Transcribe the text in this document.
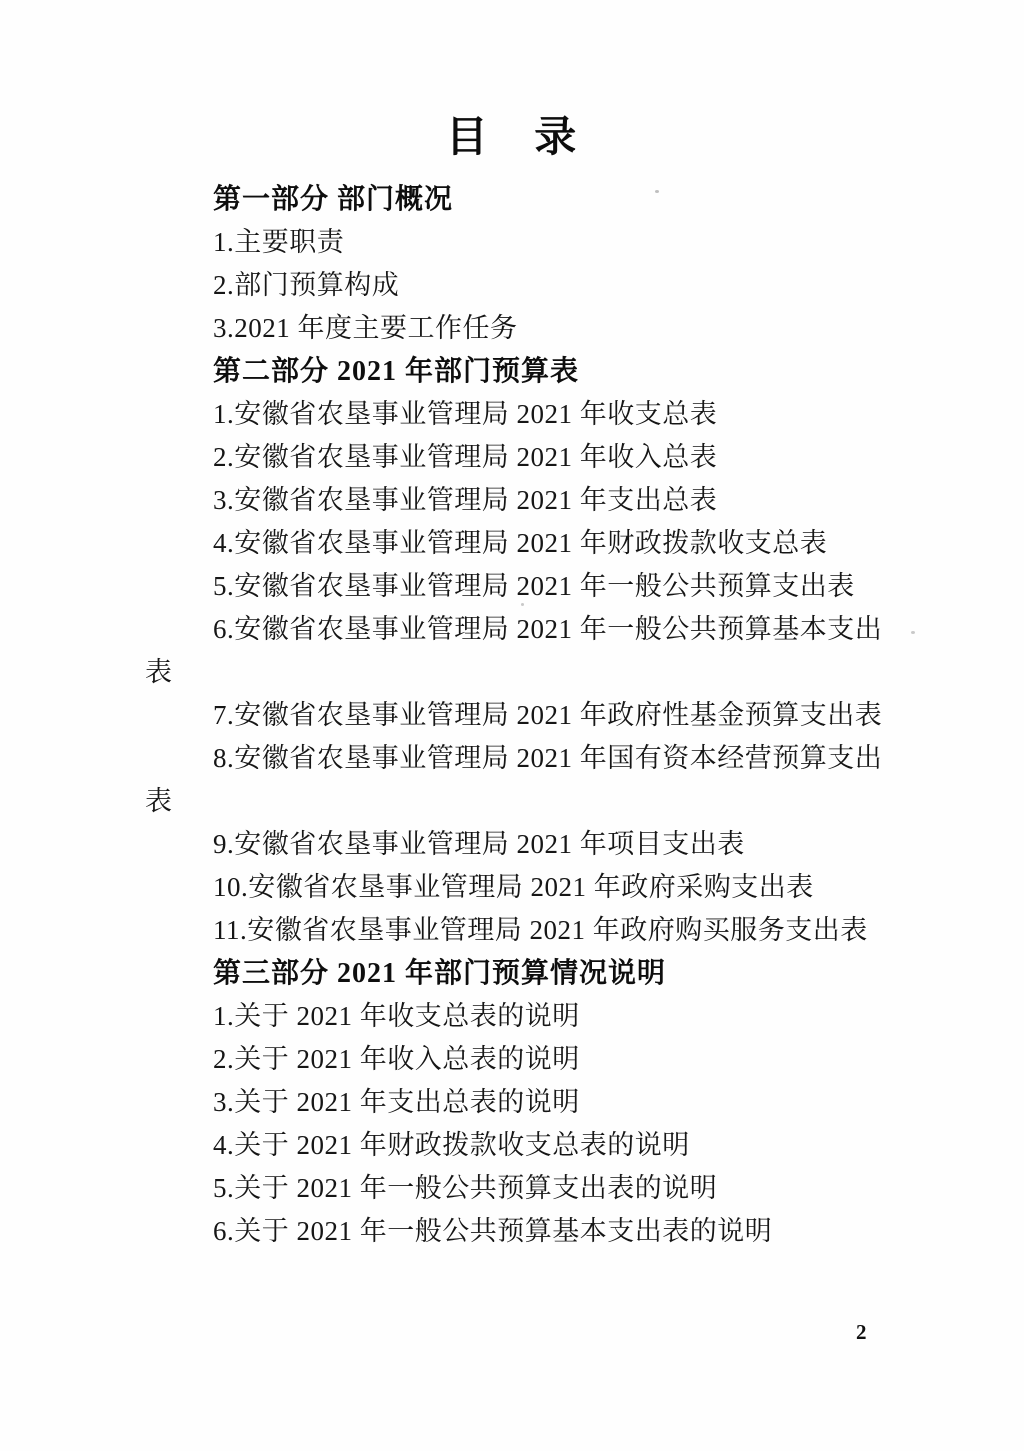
目 录

第一部分 部门概况

1.主要职责

2.部门预算构成

3.2021 年度主要工作任务

第二部分 2021 年部门预算表

1.安徽省农垦事业管理局 2021 年收支总表

2.安徽省农垦事业管理局 2021 年收入总表

3.安徽省农垦事业管理局 2021 年支出总表

4.安徽省农垦事业管理局 2021 年财政拨款收支总表

5.安徽省农垦事业管理局 2021 年一般公共预算支出表

6.安徽省农垦事业管理局 2021 年一般公共预算基本支出表

7.安徽省农垦事业管理局 2021 年政府性基金预算支出表

8.安徽省农垦事业管理局 2021 年国有资本经营预算支出表

9.安徽省农垦事业管理局 2021 年项目支出表

10.安徽省农垦事业管理局 2021 年政府采购支出表

11.安徽省农垦事业管理局 2021 年政府购买服务支出表

第三部分 2021 年部门预算情况说明

1.关于 2021 年收支总表的说明

2.关于 2021 年收入总表的说明

3.关于 2021 年支出总表的说明

4.关于 2021 年财政拨款收支总表的说明

5.关于 2021 年一般公共预算支出表的说明

6.关于 2021 年一般公共预算基本支出表的说明

2
